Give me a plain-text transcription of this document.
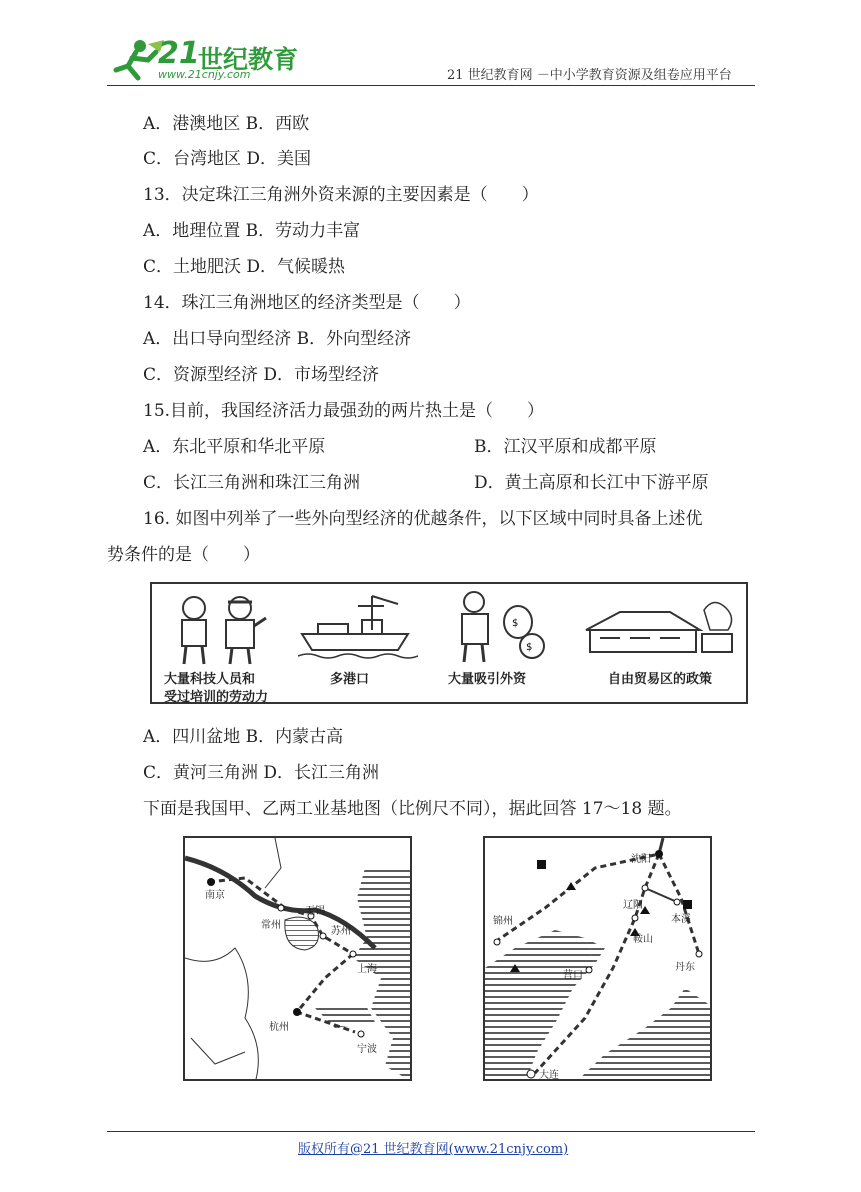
21
世纪教育
www.21cnjy.com	21 世纪教育网 －中小学教育资源及组卷应用平台
A．港澳地区 B．西欧
C．台湾地区 D．美国
13．决定珠江三角洲外资来源的主要因素是（　　）
A．地理位置 B．劳动力丰富
C．土地肥沃 D．气候暖热
14．珠江三角洲地区的经济类型是（　　）
A．出口导向型经济 B．外向型经济
C．资源型经济 D．市场型经济
15.目前，我国经济活力最强劲的两片热土是（　　）
A．东北平原和华北平原	B．江汉平原和成都平原
C．长江三角洲和珠江三角洲	D．黄土高原和长江中下游平原
16. 如图中列举了一些外向型经济的优越条件，以下区域中同时具备上述优
势条件的是（　　）
大量科技人员和
受过培训的劳动力
多港口
$
$
大量吸引外资	自由贸易区的政策
A．四川盆地 B．内蒙古高
C．黄河三角洲 D．长江三角洲
下面是我国甲、乙两工业基地图（比例尺不同），据此回答 17～18 题。
南京
常州
无锡
苏州
上海
杭州
宁波
沈阳
辽阳
本溪
锦州
鞍山
营口
丹东
大连
版权所有@21 世纪教育网(www.21cnjy.com)
